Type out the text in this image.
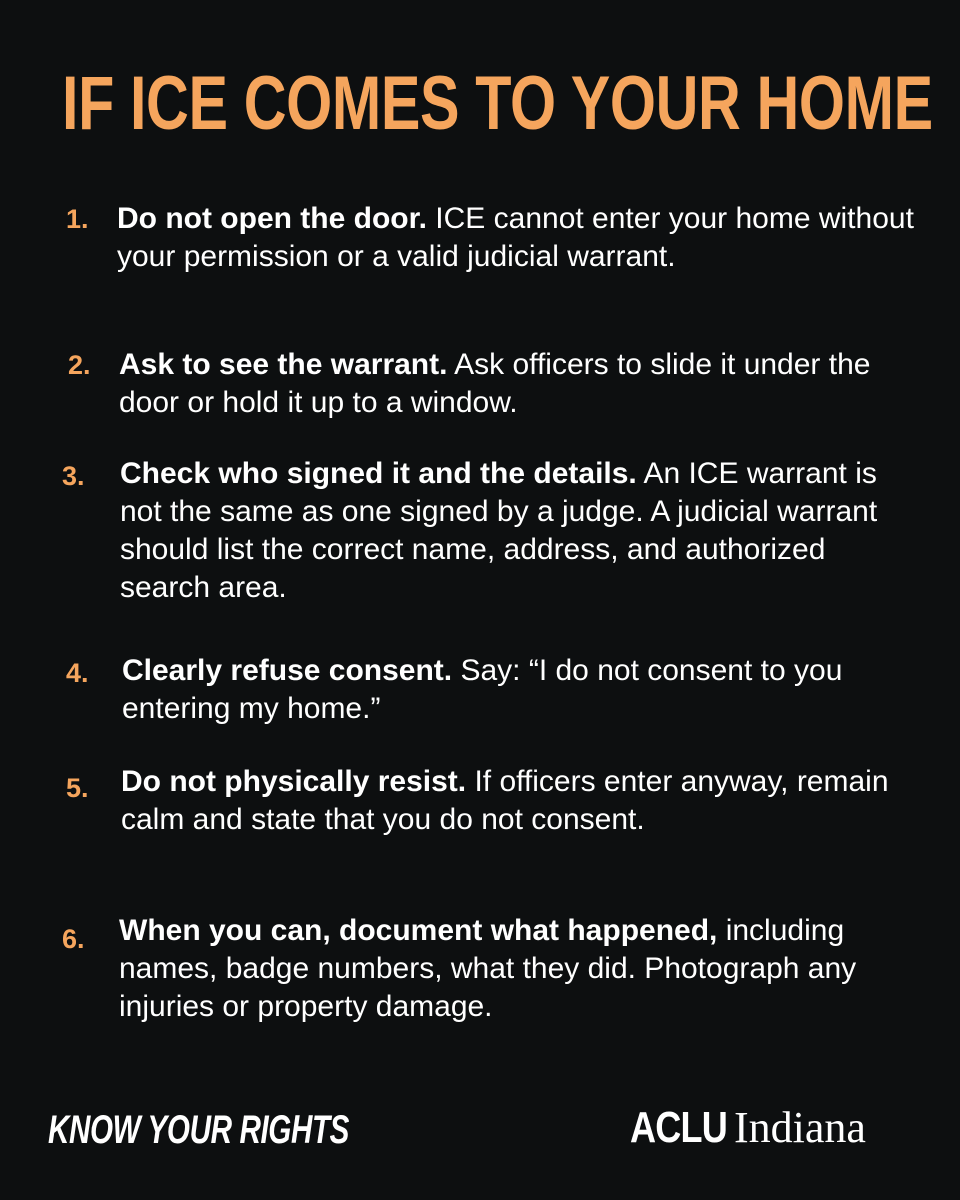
IF ICE COMES TO YOUR HOME
1. Do not open the door. ICE cannot enter your home without your permission or a valid judicial warrant.
2. Ask to see the warrant. Ask officers to slide it under the door or hold it up to a window.
3. Check who signed it and the details. An ICE warrant is not the same as one signed by a judge. A judicial warrant should list the correct name, address, and authorized search area.
4. Clearly refuse consent. Say: “I do not consent to you entering my home.”
5. Do not physically resist. If officers enter anyway, remain calm and state that you do not consent.
6. When you can, document what happened, including names, badge numbers, what they did. Photograph any injuries or property damage.
KNOW YOUR RIGHTS	ACLU Indiana
